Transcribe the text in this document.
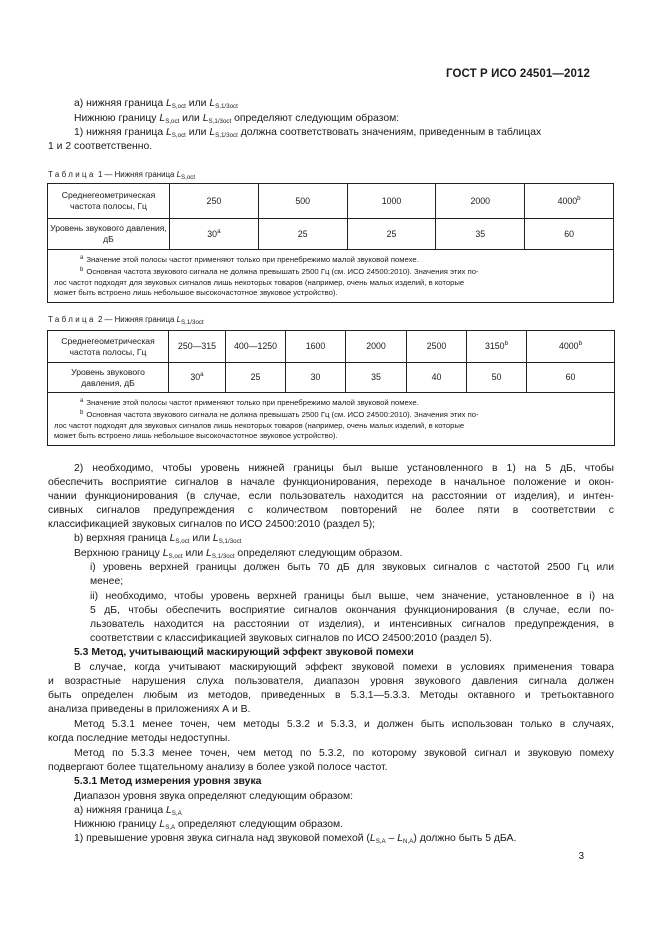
ГОСТ Р ИСО 24501—2012
а) нижняя граница $L_{S,oct}$ или $L_{S,1/3oct}$
Нижнюю границу $L_{S,oct}$ или $L_{S,1/3oct}$ определяют следующим образом:
1) нижняя граница $L_{S,oct}$ или $L_{S,1/3oct}$ должна соответствовать значениям, приведенным в таблицах
1 и 2 соответственно.
Таблица 1 — Нижняя граница $L_{S,oct}$
Среднегеометрическая частота полосы, Гц	250	500	1000	2000	4000$^b$
Уровень звукового давления, дБ	30$^a$	25	25	35	60

$^a$ Значение этой полосы частот применяют только при пренебрежимо малой звуковой помехе.
$^b$ Основная частота звукового сигнала не должна превышать 2500 Гц (см. ИСО 24500:2010). Значения этих по-
лос частот подходят для звуковых сигналов лишь некоторых товаров (например, очень малых изделий, в которые
может быть встроено лишь небольшое высокочастотное звуковое устройство).					
Таблица 2 — Нижняя граница $L_{S,1/3oct}$
Среднегеометрическая частота полосы, Гц	250—315	400—1250	1600	2000	2500	3150$^b$	4000$^b$
Уровень звукового давления, дБ	30$^a$	25	30	35	40	50	60

$^a$ Значение этой полосы частот применяют только при пренебрежимо малой звуковой помехе.
$^b$ Основная частота звукового сигнала не должна превышать 2500 Гц (см. ИСО 24500:2010). Значения этих по-
лос частот подходят для звуковых сигналов лишь некоторых товаров (например, очень малых изделий, в которые
может быть встроено лишь небольшое высокочастотное звуковое устройство).							
2) необходимо, чтобы уровень нижней границы был выше установленного в 1) на 5 дБ, чтобы
обеспечить восприятие сигналов в начале функционирования, переходе в начальное положение и окон-
чании функционирования (в случае, если пользователь находится на расстоянии от изделия), и интен-
сивных сигналов предупреждения с количеством повторений не более пяти в соответствии с
классификацией звуковых сигналов по ИСО 24500:2010 (раздел 5);
b) верхняя граница $L_{S,oct}$ или $L_{S,1/3oct}$
Верхнюю границу $L_{S,oct}$ или $L_{S,1/3oct}$ определяют следующим образом.
i) уровень верхней границы должен быть 70 дБ для звуковых сигналов с частотой 2500 Гц или
менее;
ii) необходимо, чтобы уровень верхней границы был выше, чем значение, установленное в i) на
5 дБ, чтобы обеспечить восприятие сигналов окончания функционирования (в случае, если по-
льзователь находится на расстоянии от изделия), и интенсивных сигналов предупреждения, в
соответствии с классификацией звуковых сигналов по ИСО 24500:2010 (раздел 5).
5.3 Метод, учитывающий маскирующий эффект звуковой помехи
В случае, когда учитывают маскирующий эффект звуковой помехи в условиях применения товара
и возрастные нарушения слуха пользователя, диапазон уровня звукового давления сигнала должен
быть определен любым из методов, приведенных в 5.3.1—5.3.3. Методы октавного и третьоктавного
анализа приведены в приложениях А и В.
Метод 5.3.1 менее точен, чем методы 5.3.2 и 5.3.3, и должен быть использован только в случаях,
когда последние методы недоступны.
Метод по 5.3.3 менее точен, чем метод по 5.3.2, по которому звуковой сигнал и звуковую помеху
подвергают более тщательному анализу в более узкой полосе частот.
5.3.1 Метод измерения уровня звука
Диапазон уровня звука определяют следующим образом:
а) нижняя граница $L_{S,A}$
Нижнюю границу $L_{S,A}$ определяют следующим образом.
1) превышение уровня звука сигнала над звуковой помехой $(L_{S,A} - L_{N,A})$ должно быть 5 дБА.
3
